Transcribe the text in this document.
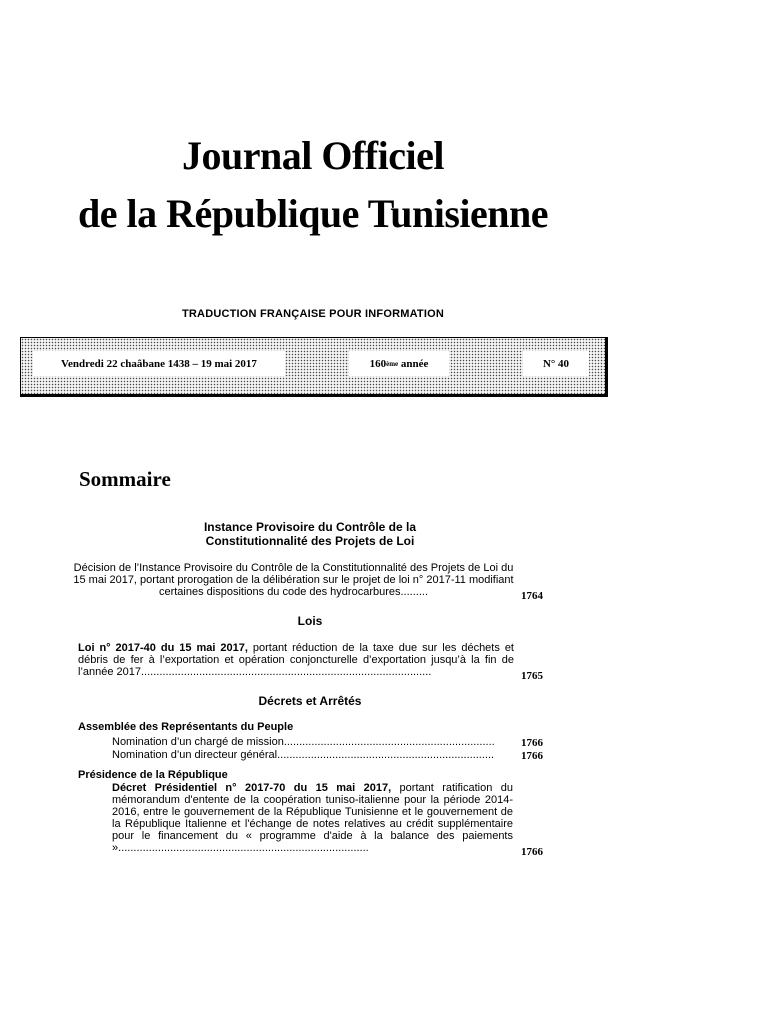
Journal Officiel
de la République Tunisienne
TRADUCTION FRANÇAISE POUR INFORMATION
Vendredi 22 chaâbane 1438 – 19 mai 2017	160 ème
année	N° 40
Sommaire
Instance Provisoire du Contrôle de la
Constitutionnalité des Projets de Loi
Décision de l’Instance Provisoire du Contrôle de la Constitutionnalité des Projets de Loi du 15 mai 2017, portant prorogation de la délibération sur le projet de loi n° 2017-11 modifiant certaines dispositions du code des hydrocarbures.........	1764
Lois
Loi n° 2017-40 du 15 mai 2017, portant réduction de la taxe due sur les déchets et débris de fer à l’exportation et opération conjoncturelle d’exportation jusqu’à la fin de l’année 2017...............................................................................................	1765
Décrets et Arrêtés
Assemblée des Représentants du Peuple
Nomination d’un chargé de mission.....................................................................	1766
Nomination d’un directeur général.......................................................................	1766
Présidence de la République
Décret Présidentiel n° 2017-70 du 15 mai 2017, portant ratification du mémorandum d'entente de la coopération tuniso-italienne pour la période 2014-2016, entre le gouvernement de la République Tunisienne et le gouvernement de la République Italienne et l'échange de notes relatives au crédit supplémentaire pour le financement du « programme d'aide à la balance des paiements »..................................................................................	1766
